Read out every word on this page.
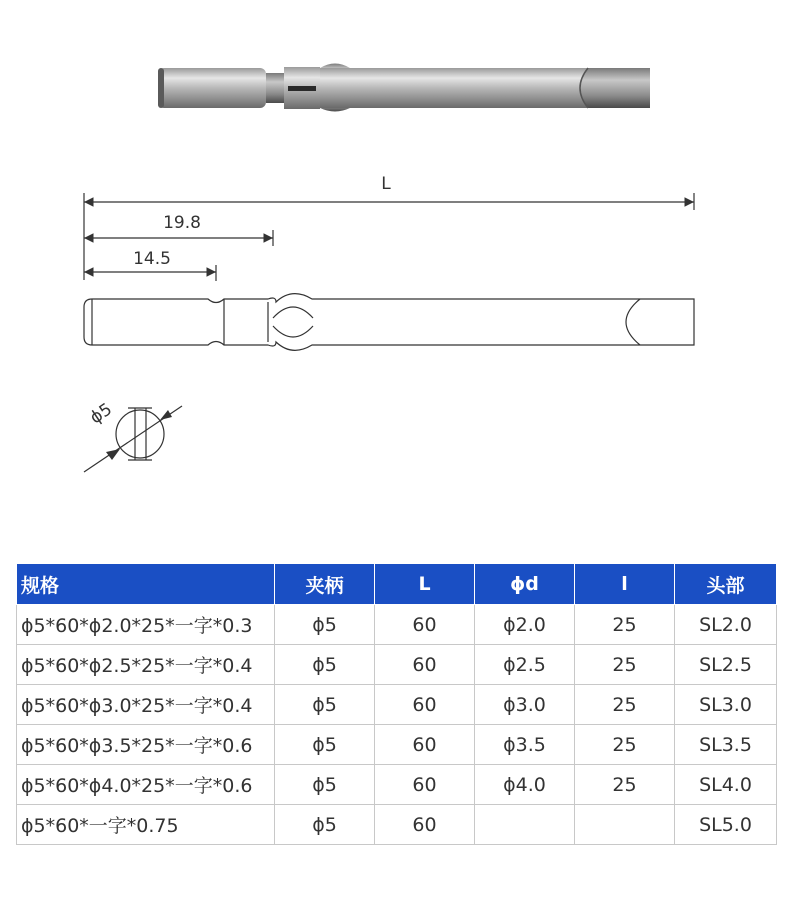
L
19.8
14.5
ϕ5
规格	夹柄	L	ϕd	l	头部
ϕ5*60*ϕ2.0*25*一字*0.3	ϕ5	60	ϕ2.0	25	SL2.0
ϕ5*60*ϕ2.5*25*一字*0.4	ϕ5	60	ϕ2.5	25	SL2.5
ϕ5*60*ϕ3.0*25*一字*0.4	ϕ5	60	ϕ3.0	25	SL3.0
ϕ5*60*ϕ3.5*25*一字*0.6	ϕ5	60	ϕ3.5	25	SL3.5
ϕ5*60*ϕ4.0*25*一字*0.6	ϕ5	60	ϕ4.0	25	SL4.0
ϕ5*60*一字*0.75	ϕ5	60			SL5.0
